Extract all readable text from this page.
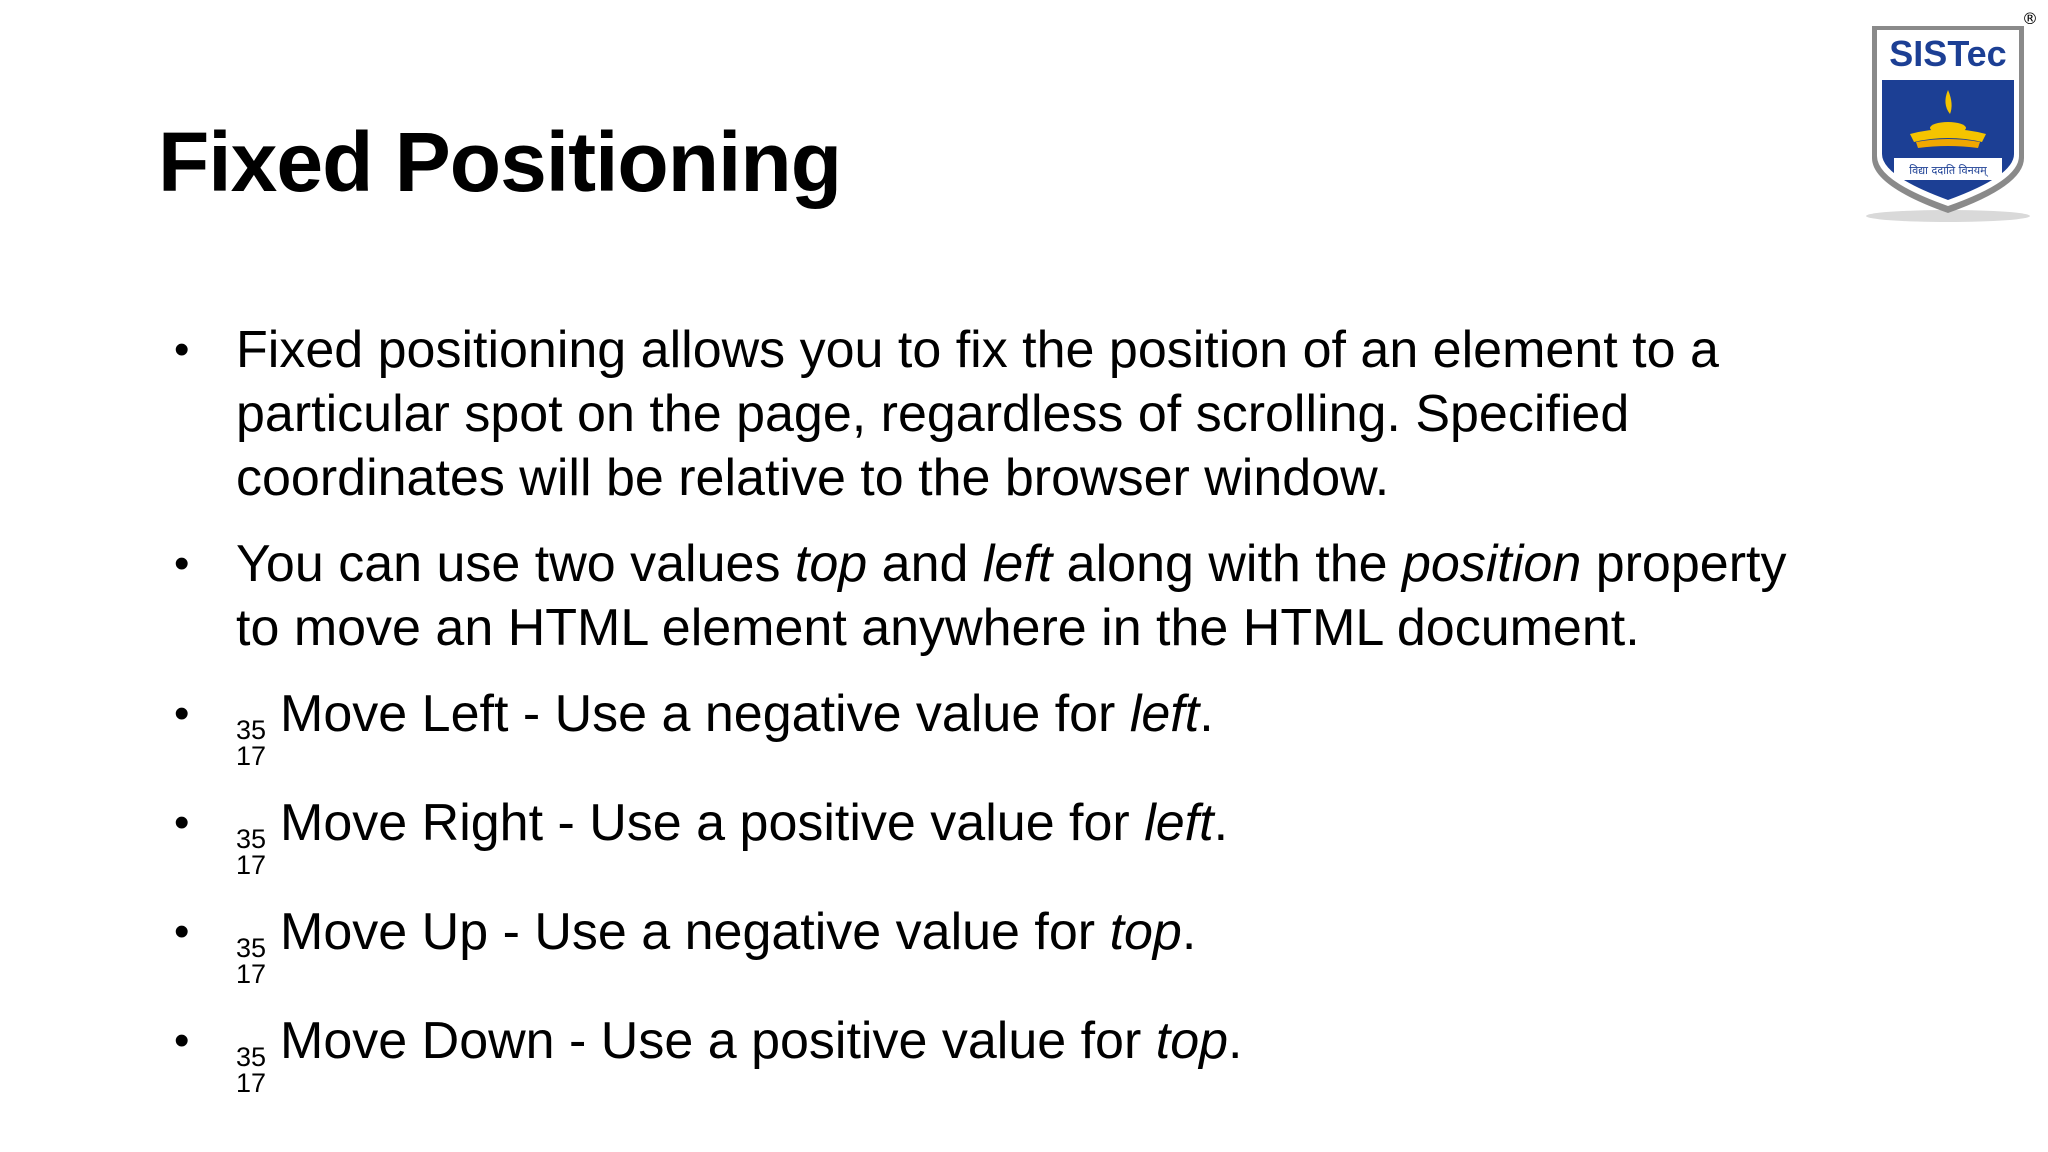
Fixed Positioning
SISTec
विद्या ददाति विनयम्
®
• Fixed positioning allows you to fix the position of an element to a
particular spot on the page, regardless of scrolling. Specified
coordinates will be relative to the browser window.
• You can use two values top and left along with the position property
to move an HTML element anywhere in the HTML document.
• 35
17
Move Left - Use a negative value for left.
• 35
17
Move Right - Use a positive value for left.
• 35
17
Move Up - Use a negative value for top.
• 35
17
Move Down - Use a positive value for top.
